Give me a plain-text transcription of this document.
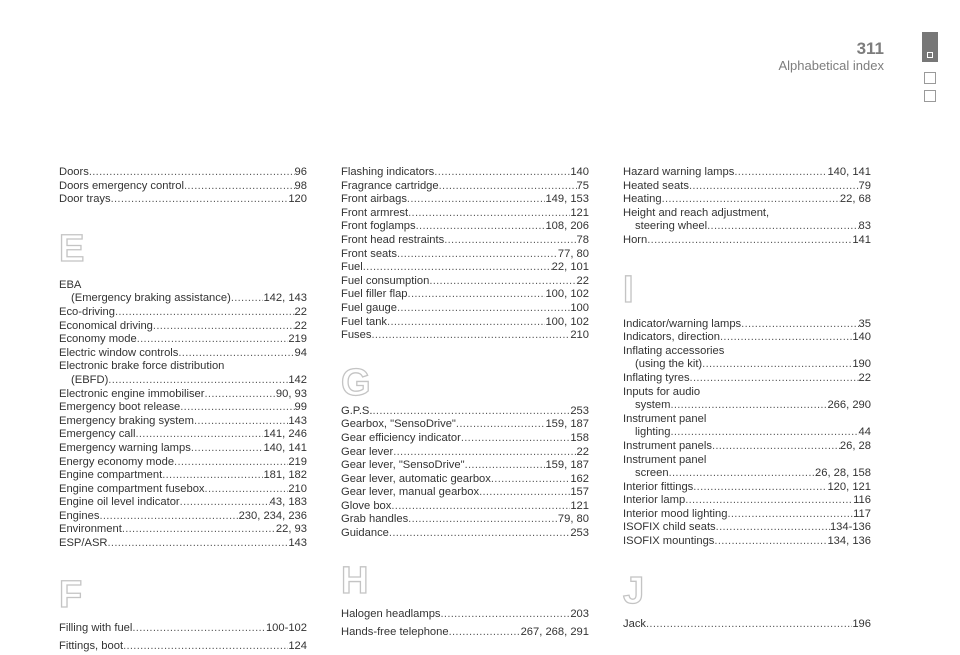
311
Alphabetical index
Doors .....	96
Doors emergency control .....	98
Door trays .....	120
E
EBA
(Emergency braking assistance) .....	142, 143
Eco-driving .....	22
Economical driving .....	22
Economy mode .....	219
Electric window controls .....	94
Electronic brake force distribution
(EBFD) .....	142
Electronic engine immobiliser .....	90, 93
Emergency boot release .....	99
Emergency braking system .....	143
Emergency call .....	141, 246
Emergency warning lamps .....	140, 141
Energy economy mode .....	219
Engine compartment .....	181, 182
Engine compartment fusebox .....	210
Engine oil level indicator .....	43, 183
Engines .....	230, 234, 236
Environment .....	22, 93
ESP/ASR .....	143
F
Filling with fuel .....	100-102
Fittings, boot .....	124
Flashing indicators .....	140
Fragrance cartridge .....	75
Front airbags .....	149, 153
Front armrest .....	121
Front foglamps .....	108, 206
Front head restraints .....	78
Front seats .....	77, 80
Fuel .....	22, 101
Fuel consumption .....	22
Fuel filler flap .....	100, 102
Fuel gauge .....	100
Fuel tank .....	100, 102
Fuses .....	210
G
G.P.S. .....	253
Gearbox, "SensoDrive" .....	159, 187
Gear efficiency indicator .....	158
Gear lever .....	22
Gear lever, "SensoDrive" .....	159, 187
Gear lever, automatic gearbox .....	162
Gear lever, manual gearbox .....	157
Glove box .....	121
Grab handles .....	79, 80
Guidance .....	253
H
Halogen headlamps .....	203
Hands-free telephone .....	267, 268, 291
Hazard warning lamps .....	140, 141
Heated seats .....	79
Heating .....	22, 68
Height and reach adjustment,
steering wheel .....	83
Horn .....	141
I
Indicator/warning lamps .....	35
Indicators, direction .....	140
Inflating accessories
(using the kit) .....	190
Inflating tyres .....	22
Inputs for audio
system .....	266, 290
Instrument panel
lighting .....	44
Instrument panels .....	26, 28
Instrument panel
screen .....	26, 28, 158
Interior fittings .....	120, 121
Interior lamp .....	116
Interior mood lighting .....	117
ISOFIX child seats .....	134-136
ISOFIX mountings .....	134, 136
J
Jack .....	196
